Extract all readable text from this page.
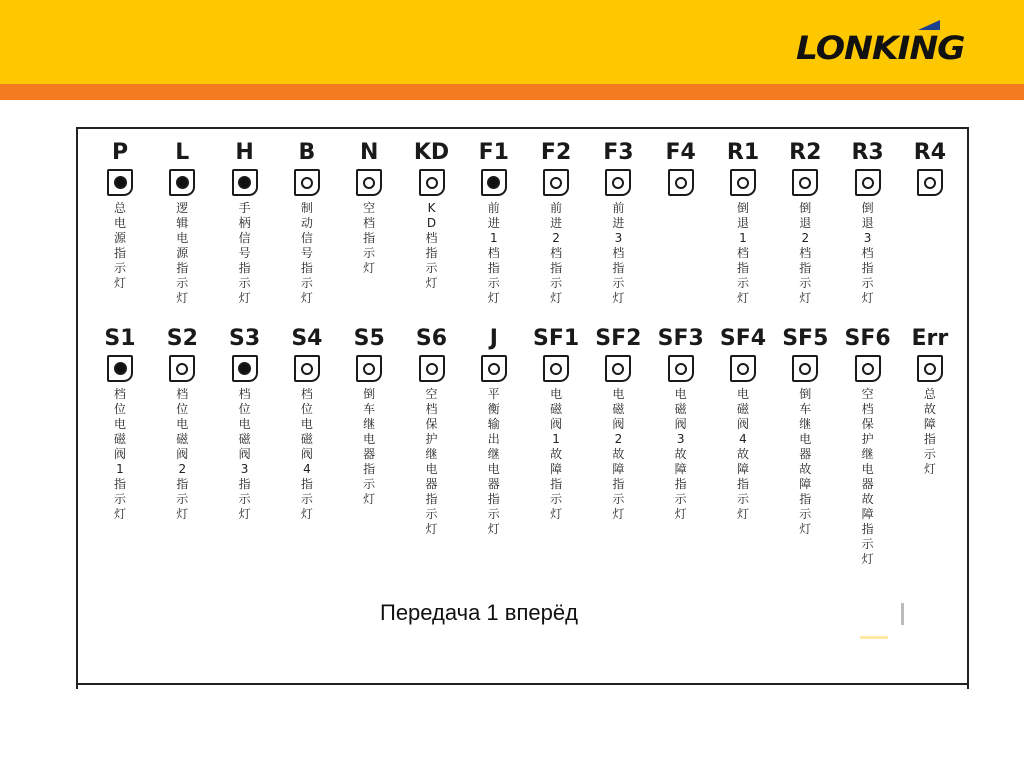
LONKING
P
总电源指示灯
L
逻辑电源指示灯
H
手柄信号指示灯
B
制动信号指示灯
N
空档指示灯
KD
KD档指示灯
F1
前进1档指示灯
F2
前进2档指示灯
F3
前进3档指示灯
F4	R1
倒退1档指示灯
R2
倒退2档指示灯
R3
倒退3档指示灯
R4
S1
档位电磁阀1指示灯
S2
档位电磁阀2指示灯
S3
档位电磁阀3指示灯
S4
档位电磁阀4指示灯
S5
倒车继电器指示灯
S6
空档保护继电器指示灯
J
平衡输出继电器指示灯
SF1
电磁阀1故障指示灯
SF2
电磁阀2故障指示灯
SF3
电磁阀3故障指示灯
SF4
电磁阀4故障指示灯
SF5
倒车继电器故障指示灯
SF6
空档保护继电器故障指示灯
Err
总故障指示灯
Передача 1 вперёд
